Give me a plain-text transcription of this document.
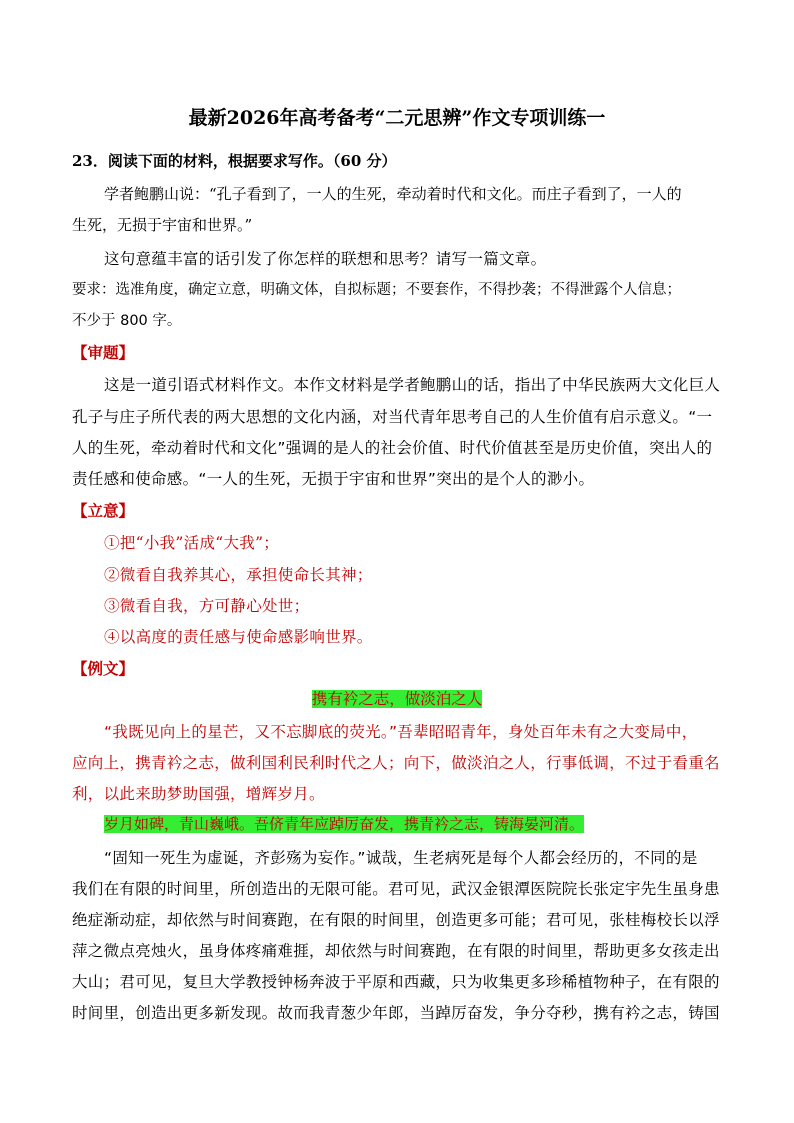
最新2026年高考备考“二元思辨”作文专项训练一
23．阅读下面的材料，根据要求写作。（60 分）
学者鲍鹏山说：“孔子看到了，一人的生死，牵动着时代和文化。而庄子看到了，一人的
生死，无损于宇宙和世界。”
这句意蕴丰富的话引发了你怎样的联想和思考？请写一篇文章。
要求：选准角度，确定立意，明确文体，自拟标题；不要套作，不得抄袭；不得泄露个人信息；
不少于 800 字。
【审题】
这是一道引语式材料作文。本作文材料是学者鲍鹏山的话，指出了中华民族两大文化巨人
孔子与庄子所代表的两大思想的文化内涵，对当代青年思考自己的人生价值有启示意义。“一
人的生死，牵动着时代和文化”强调的是人的社会价值、时代价值甚至是历史价值，突出人的
责任感和使命感。“一人的生死，无损于宇宙和世界”突出的是个人的渺小。
【立意】
①把“小我”活成“大我”；
②微看自我养其心，承担使命长其神；
③微看自我，方可静心处世；
④以高度的责任感与使命感影响世界。
【例文】
携有衿之志，做淡泊之人
“我既见向上的星芒，又不忘脚底的荧光。”吾辈昭昭青年，身处百年未有之大变局中，
应向上，携青衿之志，做利国利民利时代之人；向下，做淡泊之人，行事低调，不过于看重名
利，以此来助梦助国强，增辉岁月。
岁月如碑，青山巍峨。吾侪青年应踔厉奋发，携青衿之志，铸海晏河清。
“固知一死生为虚诞，齐彭殇为妄作。”诚哉，生老病死是每个人都会经历的，不同的是
我们在有限的时间里，所创造出的无限可能。君可见，武汉金银潭医院院长张定宇先生虽身患
绝症渐动症，却依然与时间赛跑，在有限的时间里，创造更多可能；君可见，张桂梅校长以浮
萍之微点亮烛火，虽身体疼痛难捱，却依然与时间赛跑，在有限的时间里，帮助更多女孩走出
大山；君可见，复旦大学教授钟杨奔波于平原和西藏，只为收集更多珍稀植物种子，在有限的
时间里，创造出更多新发现。故而我青葱少年郎，当踔厉奋发，争分夺秒，携有衿之志，铸国
